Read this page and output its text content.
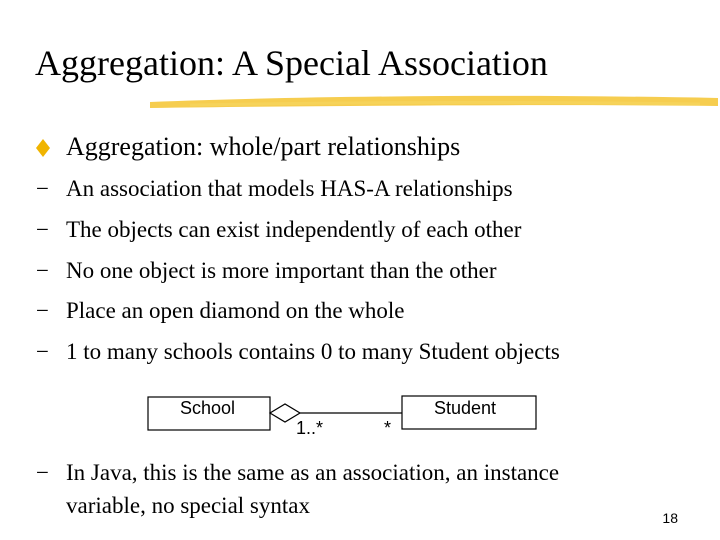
Aggregation: A Special Association
Aggregation: whole/part relationships
− An association that models HAS-A relationships
− The objects can exist independently of each other
− No one object is more important than the other
− Place an open diamond on the whole
− 1 to many schools contains 0 to many Student objects
School	Student
1..*	*
− In Java, this is the same as an association, an instance
variable, no special syntax	18
